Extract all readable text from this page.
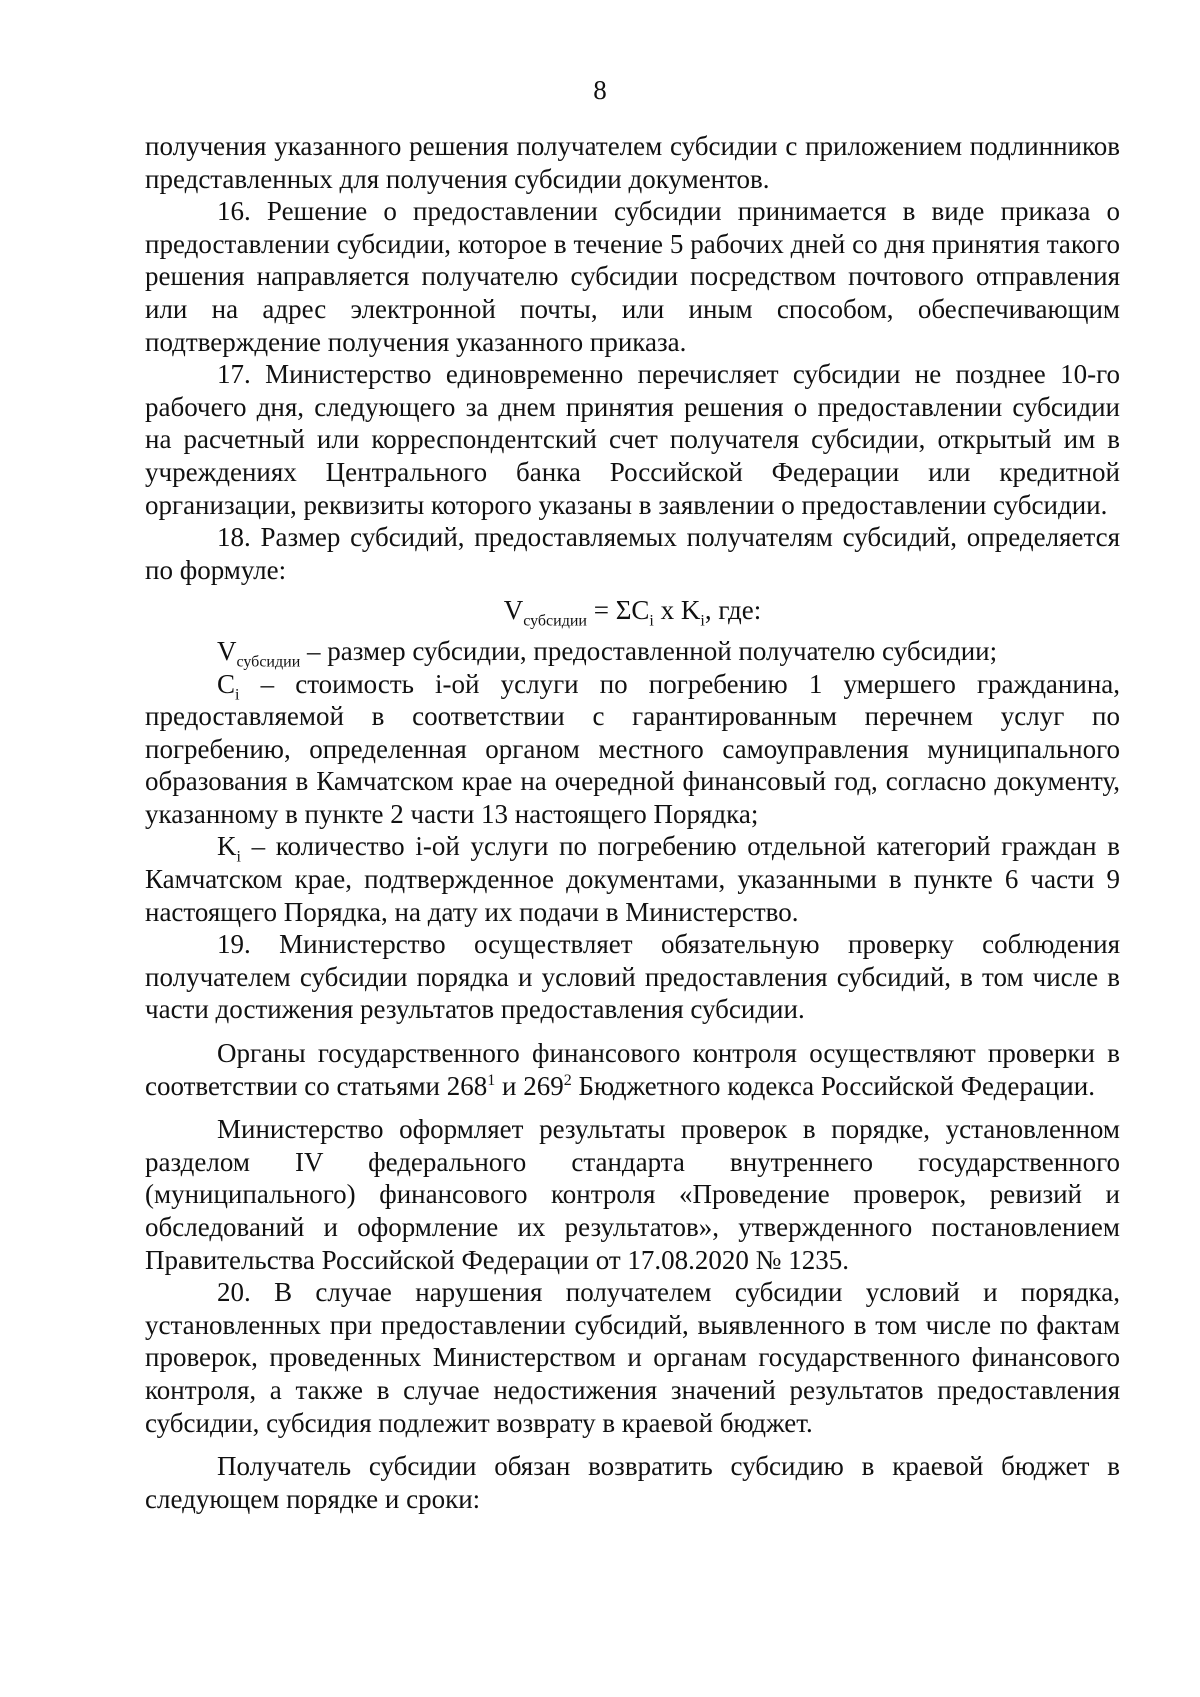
8

получения указанного решения получателем субсидии с приложением подлинников представленных для получения субсидии документов.

16. Решение о предоставлении субсидии принимается в виде приказа о предоставлении субсидии, которое в течение 5 рабочих дней со дня принятия такого решения направляется получателю субсидии посредством почтового отправления или на адрес электронной почты, или иным способом, обеспечивающим подтверждение получения указанного приказа.

17. Министерство единовременно перечисляет субсидии не позднее 10-го рабочего дня, следующего за днем принятия решения о предоставлении субсидии на расчетный или корреспондентский счет получателя субсидии, открытый им в учреждениях Центрального банка Российской Федерации или кредитной организации, реквизиты которого указаны в заявлении о предоставлении субсидии.

18. Размер субсидий, предоставляемых получателям субсидий, определяется по формуле:

$V_{субсидии} = \Sigma C_i$ x $K_i$, где:

$V_{субсидии}$ – размер субсидии, предоставленной получателю субсидии;

$C_i$ – стоимость i-ой услуги по погребению 1 умершего гражданина, предоставляемой в соответствии с гарантированным перечнем услуг по погребению, определенная органом местного самоуправления муниципального образования в Камчатском крае на очередной финансовый год, согласно документу, указанному в пункте 2 части 13 настоящего Порядка;

$K_i$ – количество i-ой услуги по погребению отдельной категорий граждан в Камчатском крае, подтвержденное документами, указанными в пункте 6 части 9 настоящего Порядка, на дату их подачи в Министерство.

19. Министерство осуществляет обязательную проверку соблюдения получателем субсидии порядка и условий предоставления субсидий, в том числе в части достижения результатов предоставления субсидии.

Органы государственного финансового контроля осуществляют проверки в соответствии со статьями $268^1$ и $269^2$ Бюджетного кодекса Российской Федерации.

Министерство оформляет результаты проверок в порядке, установленном разделом IV федерального стандарта внутреннего государственного (муниципального) финансового контроля «Проведение проверок, ревизий и обследований и оформление их результатов», утвержденного постановлением Правительства Российской Федерации от 17.08.2020 № 1235.

20. В случае нарушения получателем субсидии условий и порядка, установленных при предоставлении субсидий, выявленного в том числе по фактам проверок, проведенных Министерством и органам государственного финансового контроля, а также в случае недостижения значений результатов предоставления субсидии, субсидия подлежит возврату в краевой бюджет.

Получатель субсидии обязан возвратить субсидию в краевой бюджет в следующем порядке и сроки:
